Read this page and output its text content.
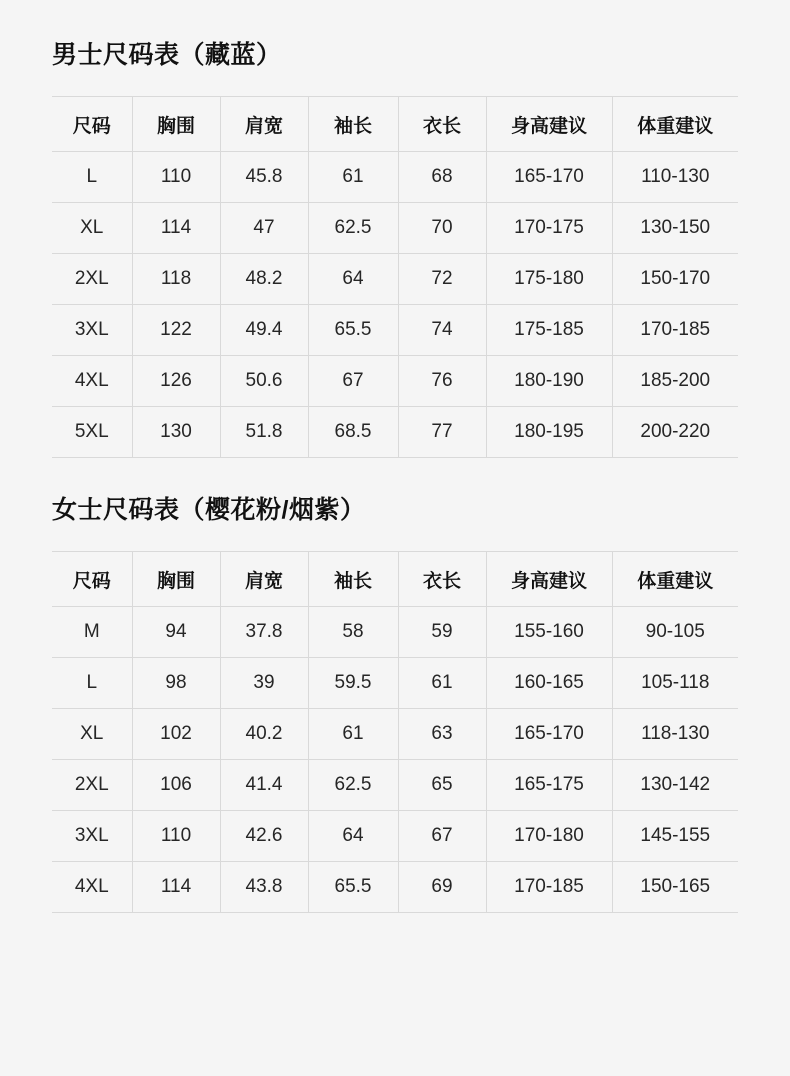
男士尺码表（藏蓝）
尺码	胸围	肩宽	袖长	衣长	身高建议	体重建议
L	110	45.8	61	68	165-170	110-130
XL	114	47	62.5	70	170-175	130-150
2XL	118	48.2	64	72	175-180	150-170
3XL	122	49.4	65.5	74	175-185	170-185
4XL	126	50.6	67	76	180-190	185-200
5XL	130	51.8	68.5	77	180-195	200-220
女士尺码表（樱花粉/烟紫）
尺码	胸围	肩宽	袖长	衣长	身高建议	体重建议
M	94	37.8	58	59	155-160	90-105
L	98	39	59.5	61	160-165	105-118
XL	102	40.2	61	63	165-170	118-130
2XL	106	41.4	62.5	65	165-175	130-142
3XL	110	42.6	64	67	170-180	145-155
4XL	114	43.8	65.5	69	170-185	150-165
